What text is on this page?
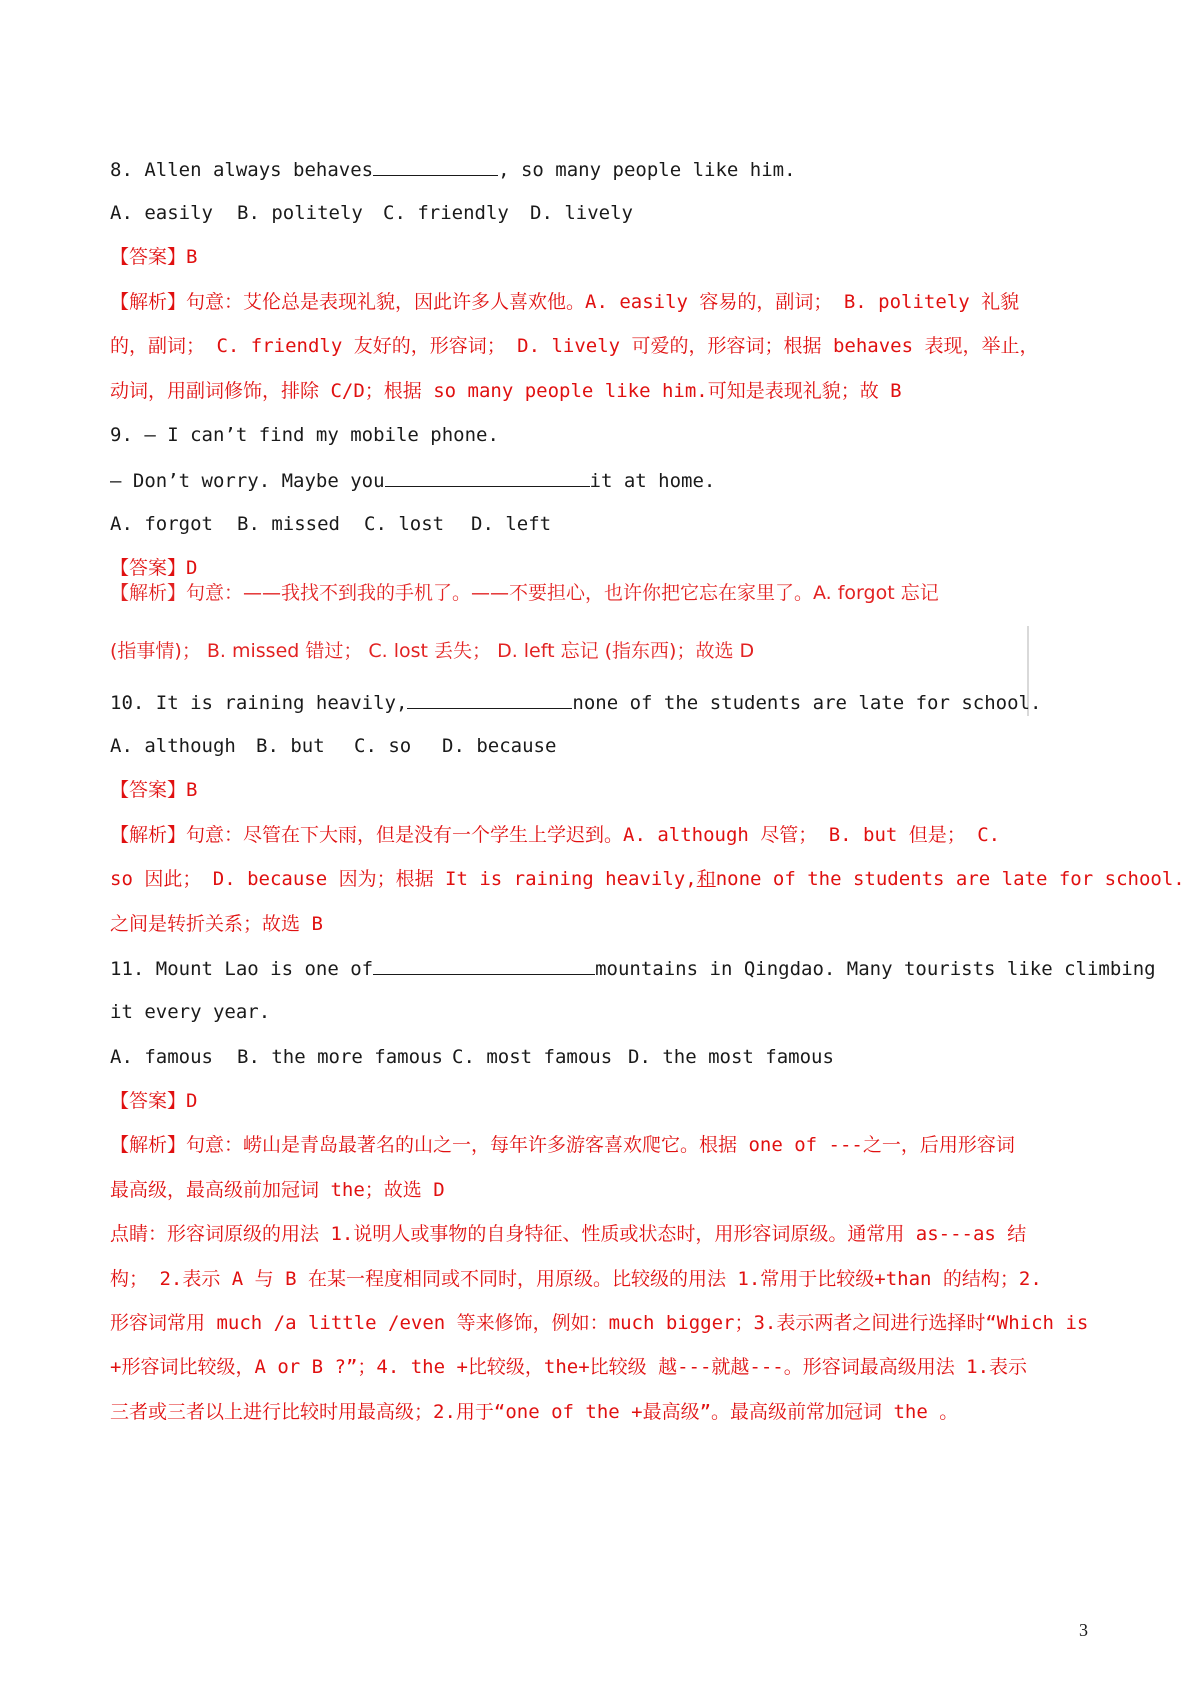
8. Allen always behaves	, so many people like him.
A. easily B. politely C. friendly D. lively
【答案】B
【解析】句意：艾伦总是表现礼貌，因此许多人喜欢他。A. easily 容易的，副词； B. politely 礼貌
的，副词； C. friendly 友好的，形容词； D. lively 可爱的，形容词；根据 behaves 表现，举止，
动词，用副词修饰，排除 C/D；根据 so many people like him.可知是表现礼貌；故 B
9. — I can’t find my mobile phone.
— Don’t worry. Maybe you	it at home.
A. forgot B. missed C. lost D. left
【答案】D
【解析】句意：——我找不到我的手机了。——不要担心，也许你把它忘在家里了。A. forgot 忘记
(指事情)； B. missed 错过； C. lost 丢失； D. left 忘记 (指东西)；故选 D
10. It is raining heavily,	none of the students are late for school.
A. although B. but C. so D. because
【答案】B
【解析】句意：尽管在下大雨，但是没有一个学生上学迟到。A. although 尽管； B. but 但是； C.
so 因此； D. because 因为；根据 It is raining heavily,和none of the students are late for school.
之间是转折关系；故选 B
11. Mount Lao is one of	mountains in Qingdao. Many tourists like climbing
it every year.
A. famous B. the more famous C. most famous D. the most famous
【答案】D
【解析】句意：崂山是青岛最著名的山之一，每年许多游客喜欢爬它。根据 one of ---之一，后用形容词
最高级，最高级前加冠词 the；故选 D
点睛：形容词原级的用法 1.说明人或事物的自身特征、性质或状态时，用形容词原级。通常用 as---as 结
构； 2.表示 A 与 B 在某一程度相同或不同时，用原级。比较级的用法 1.常用于比较级+than 的结构；2.
形容词常用 much /a little /even 等来修饰，例如：much bigger；3.表示两者之间进行选择时“Which is
+形容词比较级，A or B ?”；4. the +比较级，the+比较级 越---就越---。形容词最高级用法 1.表示
三者或三者以上进行比较时用最高级；2.用于“one of the +最高级”。最高级前常加冠词 the 。
3
